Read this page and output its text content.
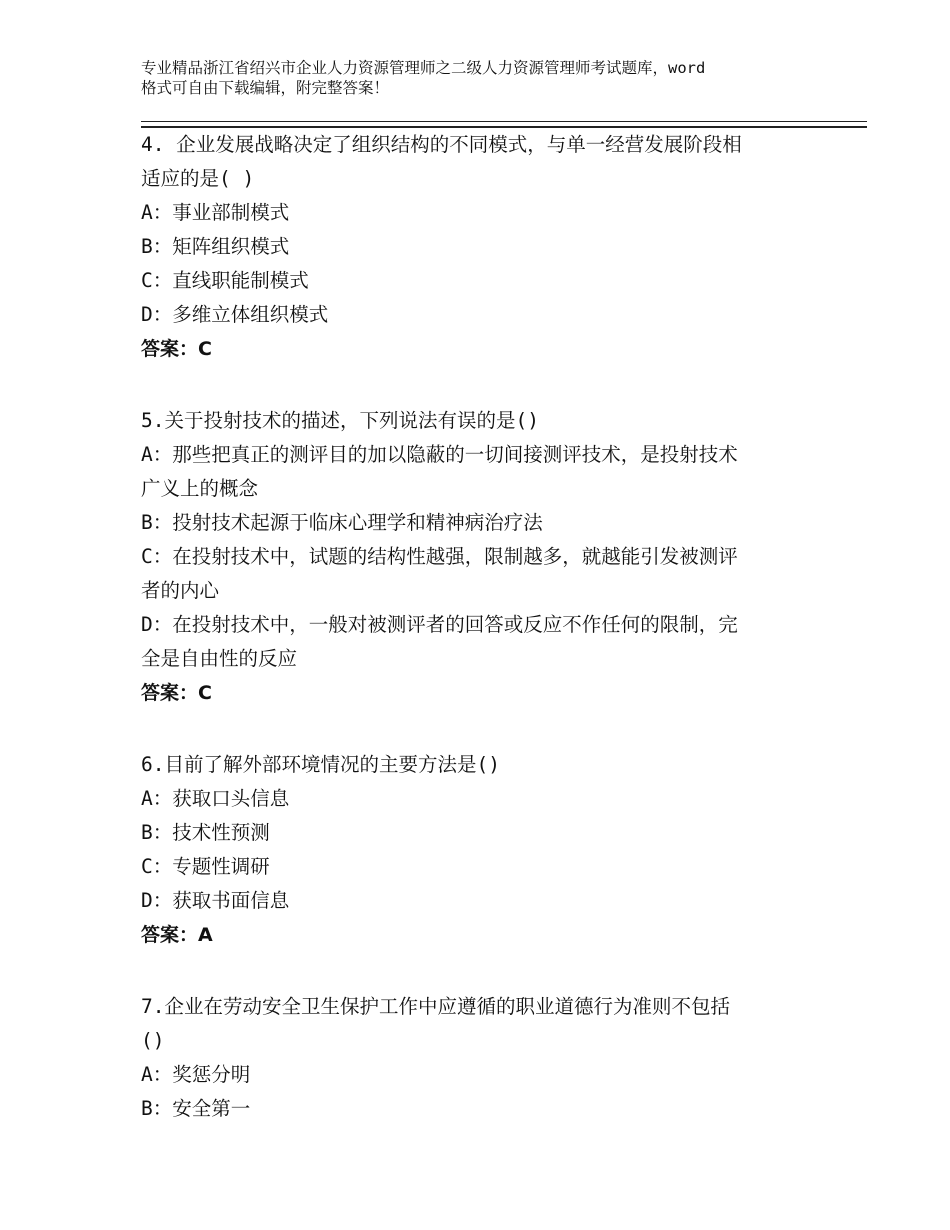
专业精品浙江省绍兴市企业人力资源管理师之二级人力资源管理师考试题库，word
格式可自由下载编辑，附完整答案！
4. 企业发展战略决定了组织结构的不同模式，与单一经营发展阶段相
适应的是( )
A：事业部制模式
B：矩阵组织模式
C：直线职能制模式
D：多维立体组织模式
答案：C
5.关于投射技术的描述，下列说法有误的是()
A：那些把真正的测评目的加以隐蔽的一切间接测评技术，是投射技术
广义上的概念
B：投射技术起源于临床心理学和精神病治疗法
C：在投射技术中，试题的结构性越强，限制越多，就越能引发被测评
者的内心
D：在投射技术中，一般对被测评者的回答或反应不作任何的限制，完
全是自由性的反应
答案：C
6.目前了解外部环境情况的主要方法是()
A：获取口头信息
B：技术性预测
C：专题性调研
D：获取书面信息
答案：A
7.企业在劳动安全卫生保护工作中应遵循的职业道德行为准则不包括
()
A：奖惩分明
B：安全第一
